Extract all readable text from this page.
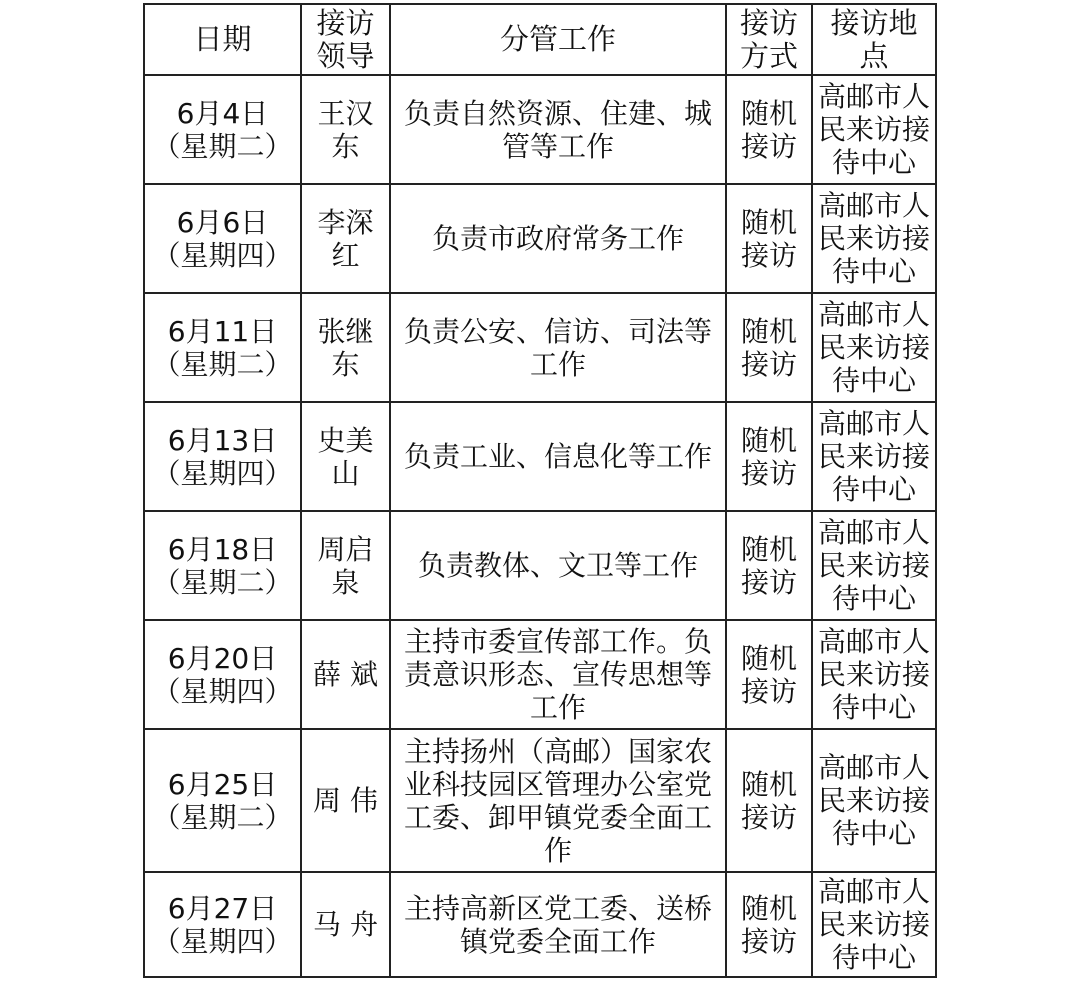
日期	接访领导	分管工作	接访方式	接访地点
6月4日（星期二）	王汉东	负责自然资源、住建、城管等工作	随机接访	高邮市人民来访接待中心
6月6日（星期四）	李深红	负责市政府常务工作	随机接访	高邮市人民来访接待中心
6月11日（星期二）	张继东	负责公安、信访、司法等工作	随机接访	高邮市人民来访接待中心
6月13日（星期四）	史美山	负责工业、信息化等工作	随机接访	高邮市人民来访接待中心
6月18日（星期二）	周启泉	负责教体、文卫等工作	随机接访	高邮市人民来访接待中心
6月20日（星期四）	薛 斌	主持市委宣传部工作。负责意识形态、宣传思想等工作	随机接访	高邮市人民来访接待中心
6月25日（星期二）	周 伟	主持扬州（高邮）国家农业科技园区管理办公室党工委、卸甲镇党委全面工作	随机接访	高邮市人民来访接待中心
6月27日（星期四）	马 舟	主持高新区党工委、送桥镇党委全面工作	随机接访	高邮市人民来访接待中心
